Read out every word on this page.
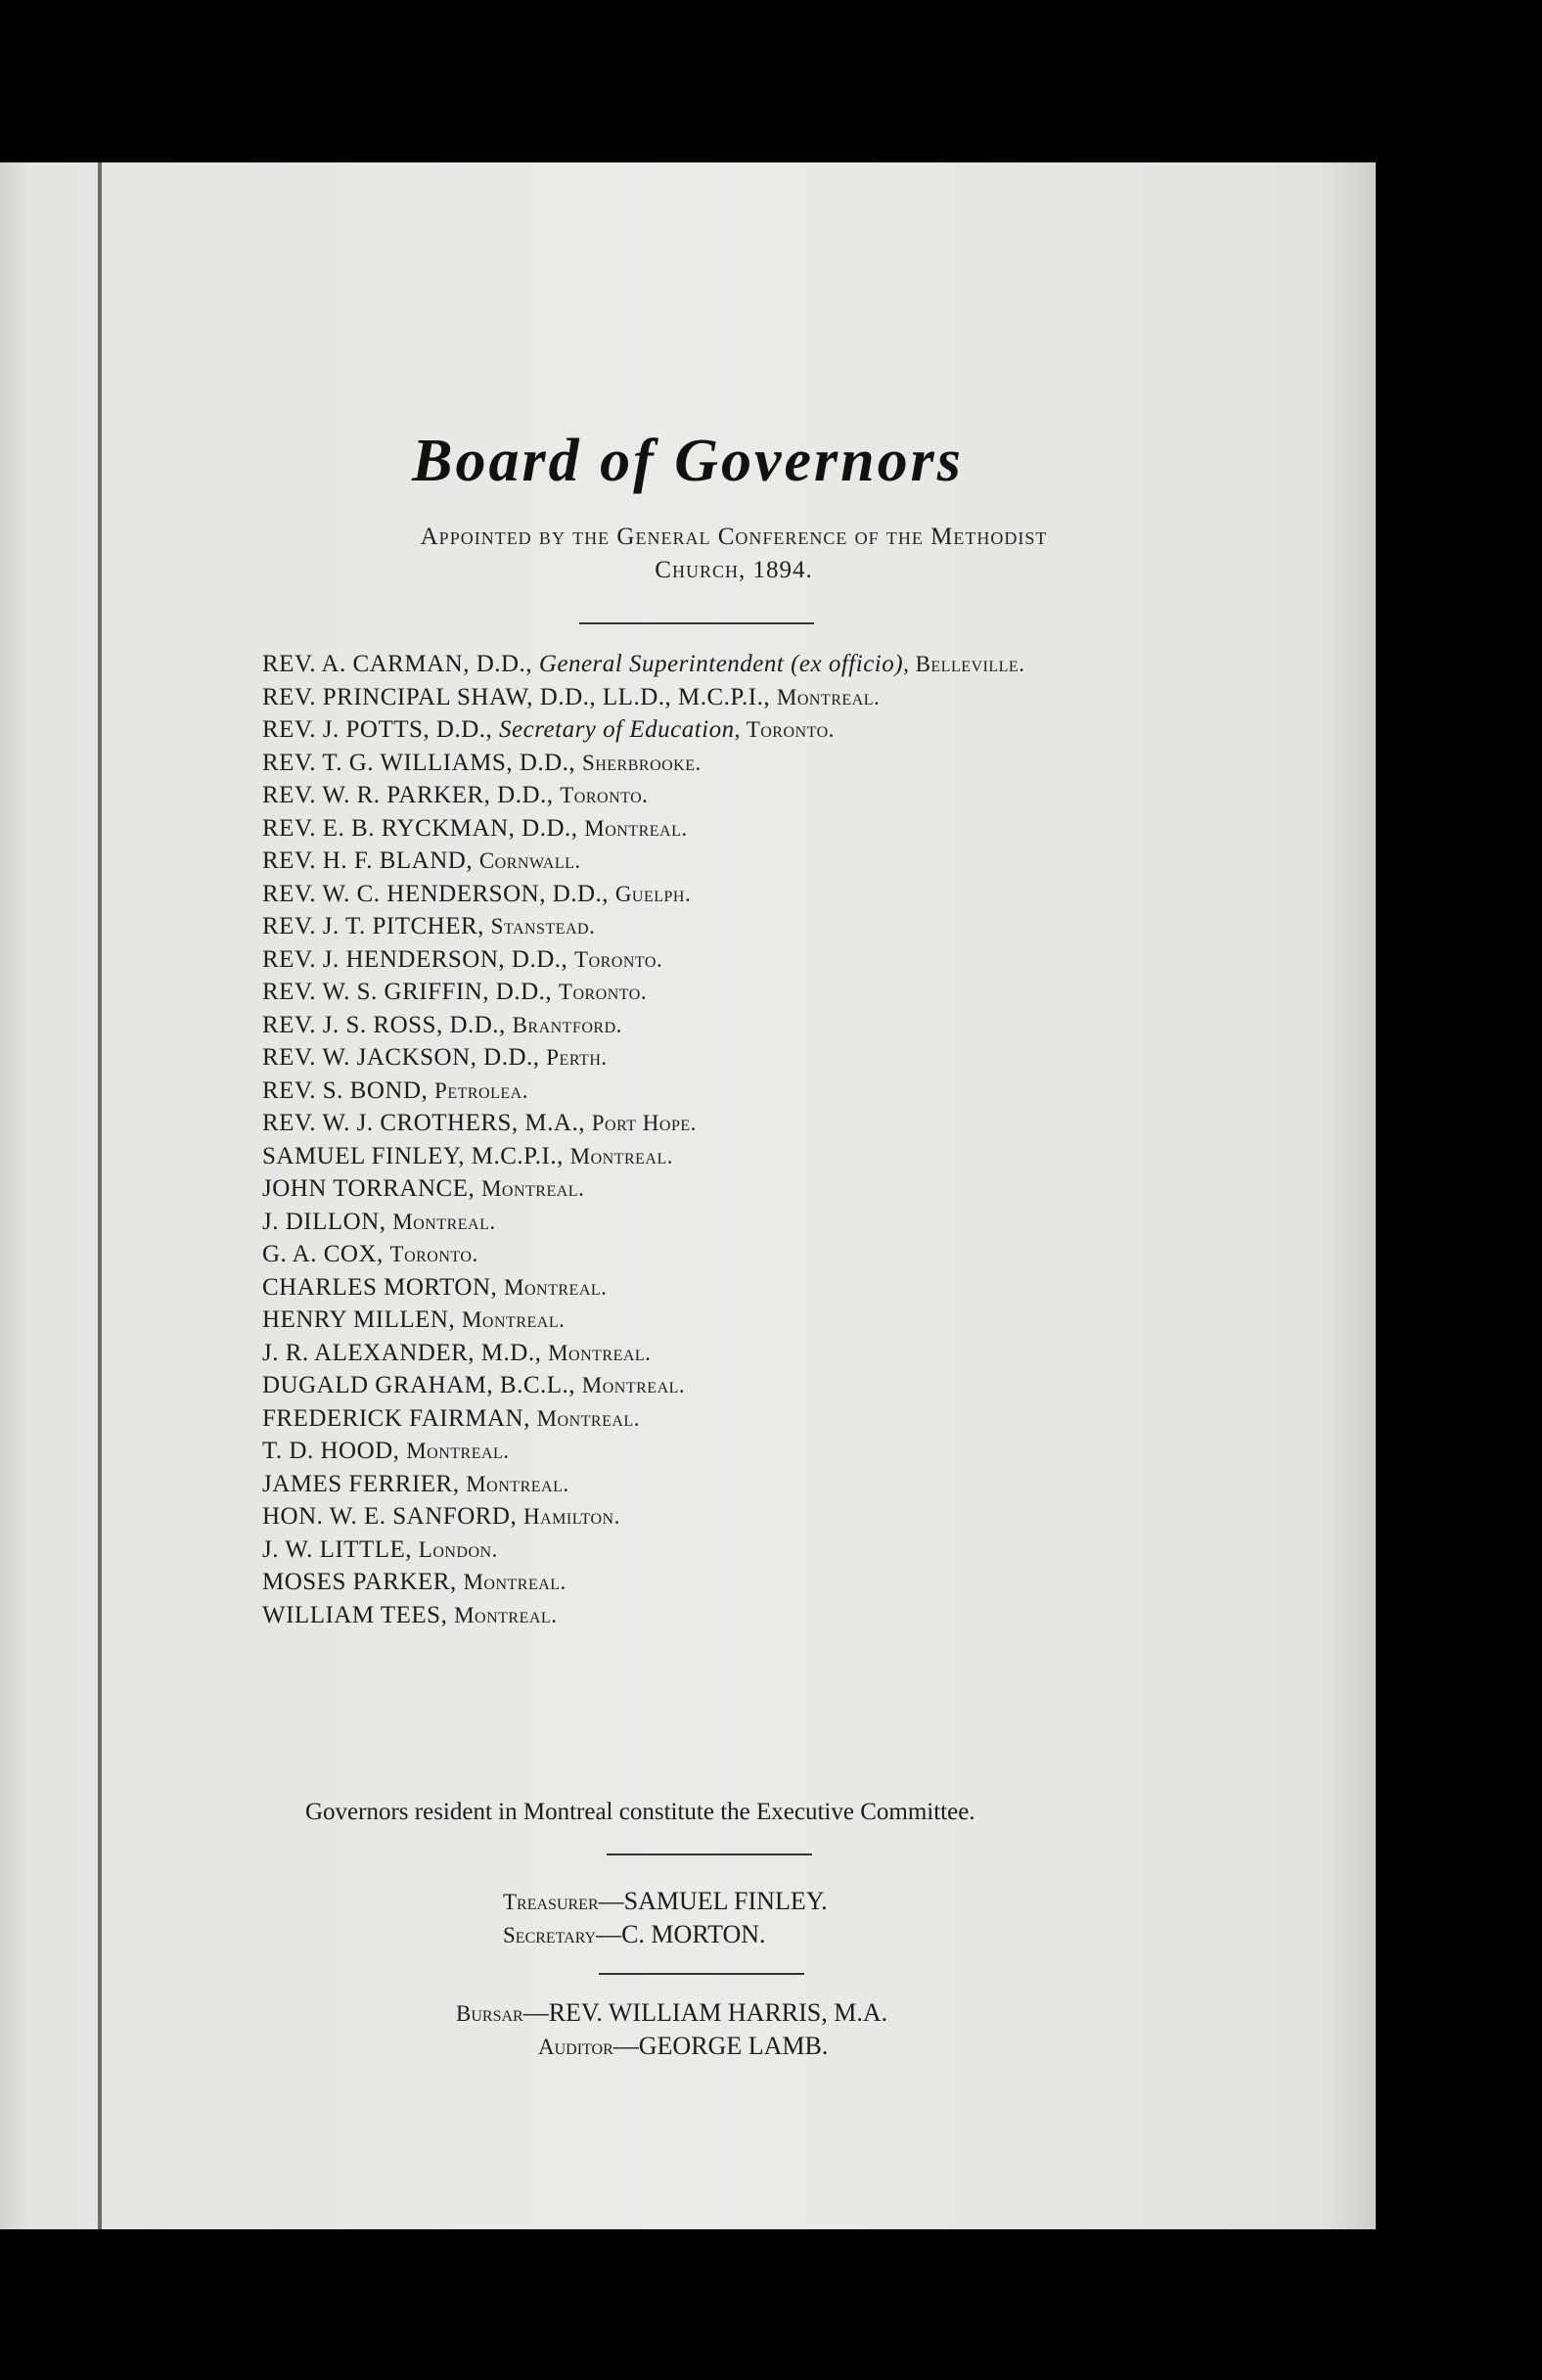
Board of Governors

Appointed by the General Conference of the Methodist
Church, 1894.

REV. A. CARMAN, D.D., General Superintendent (ex officio), Belleville.
REV. PRINCIPAL SHAW, D.D., LL.D., M.C.P.I., Montreal.
REV. J. POTTS, D.D., Secretary of Education, Toronto.
REV. T. G. WILLIAMS, D.D., Sherbrooke.
REV. W. R. PARKER, D.D., Toronto.
REV. E. B. RYCKMAN, D.D., Montreal.
REV. H. F. BLAND, Cornwall.
REV. W. C. HENDERSON, D.D., Guelph.
REV. J. T. PITCHER, Stanstead.
REV. J. HENDERSON, D.D., Toronto.
REV. W. S. GRIFFIN, D.D., Toronto.
REV. J. S. ROSS, D.D., Brantford.
REV. W. JACKSON, D.D., Perth.
REV. S. BOND, Petrolea.
REV. W. J. CROTHERS, M.A., Port Hope.
SAMUEL FINLEY, M.C.P.I., Montreal.
JOHN TORRANCE, Montreal.
J. DILLON, Montreal.
G. A. COX, Toronto.
CHARLES MORTON, Montreal.
HENRY MILLEN, Montreal.
J. R. ALEXANDER, M.D., Montreal.
DUGALD GRAHAM, B.C.L., Montreal.
FREDERICK FAIRMAN, Montreal.
T. D. HOOD, Montreal.
JAMES FERRIER, Montreal.
HON. W. E. SANFORD, Hamilton.
J. W. LITTLE, London.
MOSES PARKER, Montreal.
WILLIAM TEES, Montreal.

Governors resident in Montreal constitute the Executive Committee.

Treasurer—SAMUEL FINLEY.

Secretary—C. MORTON.

Bursar—REV. WILLIAM HARRIS, M.A.

Auditor—GEORGE LAMB.
